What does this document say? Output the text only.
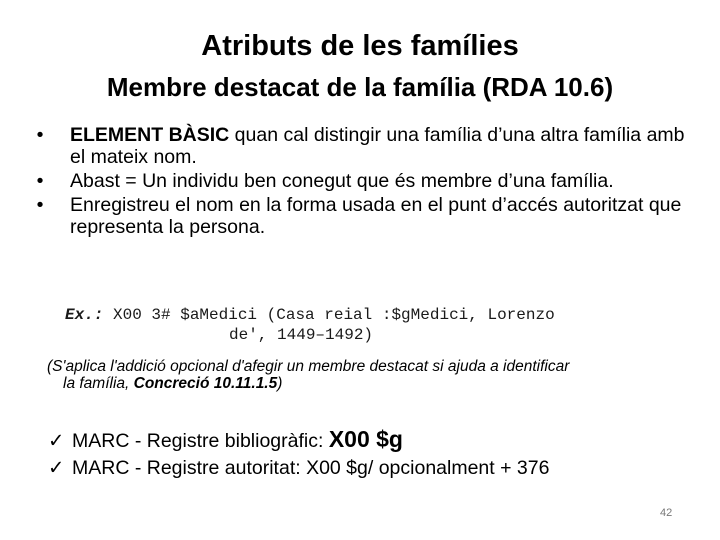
Atributs de les famílies
Membre destacat de la família (RDA 10.6)
•	ELEMENT BÀSIC quan cal distingir una família d’una altra família amb el mateix nom.
•	Abast = Un individu ben conegut que és membre d’una família.
•	Enregistreu el nom en la forma usada en el punt d’accés autoritzat que representa la persona.
Ex.: X00 3# $aMedici (Casa reial :$gMedici, Lorenzo
de', 1449–1492)
(S'aplica l'addició opcional d'afegir un membre destacat si ajuda a identificar
la família, Concreció 10.11.1.5)
✓ MARC - Registre bibliogràfic: X00 $g
✓ MARC - Registre autoritat: X00 $g/ opcionalment + 376
42
